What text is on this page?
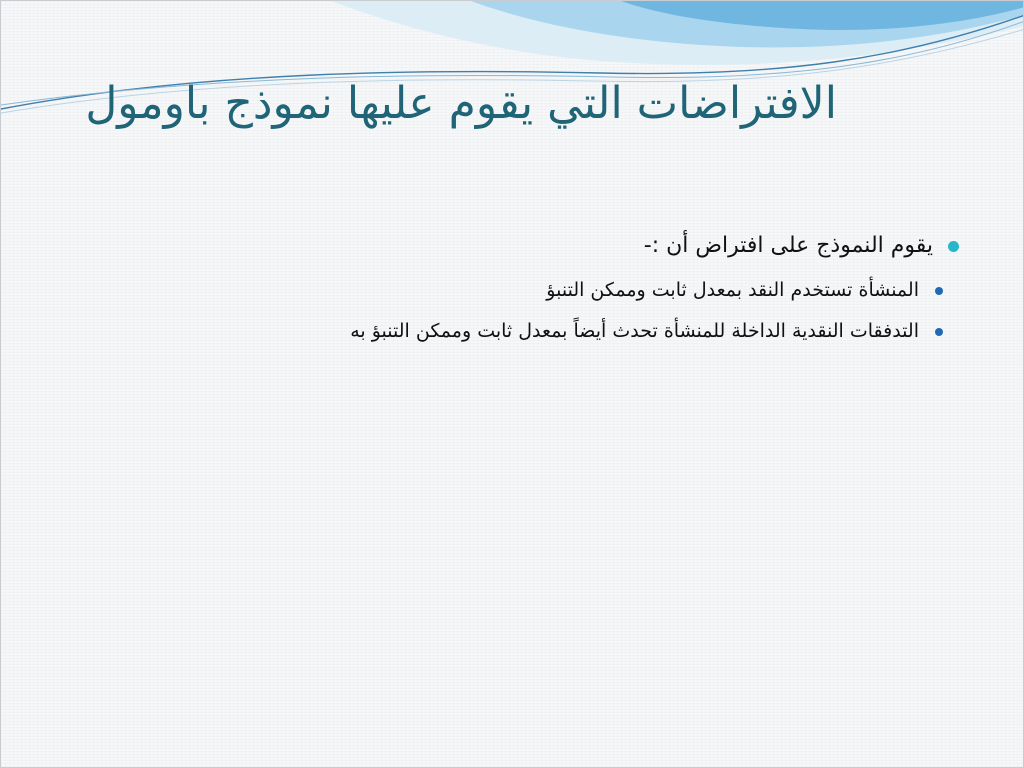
الافتراضات التي يقوم عليها نموذج باومول
يقوم النموذج على افتراض أن :-
المنشأة تستخدم النقد بمعدل ثابت وممكن التنبؤ
التدفقات النقدية الداخلة للمنشأة تحدث أيضاً بمعدل ثابت وممكن التنبؤ به
